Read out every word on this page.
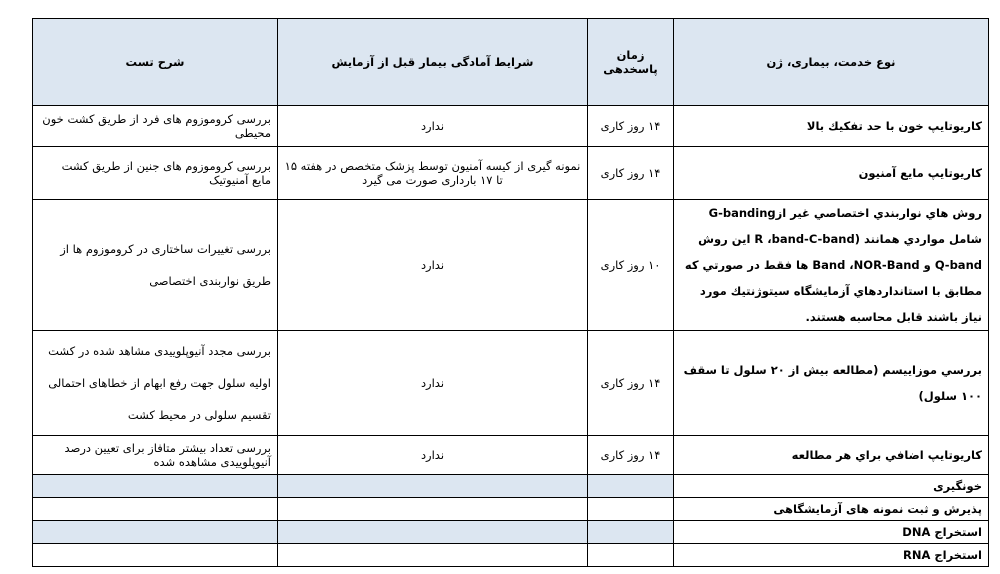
نوع خدمت، بیماری، ژن	زمان پاسخدهی	شرایط آمادگی بیمار قبل از آزمایش	شرح تست
كاريوتايپ خون با حد تفكيك بالا	۱۴ روز کاری	ندارد	بررسی کروموزوم های فرد از طریق کشت خون محیطی
كاريوتايپ مايع آمنيون	۱۴ روز کاری	نمونه گیری از کیسه آمنیون توسط پزشک متخصص در هفته ۱۵ تا ۱۷ بارداری صورت می گیرد	بررسی کروموزوم های جنین از طریق کشت مایع آمنیوتیک
روش هاي نواربندي اختصاصي غير ازG-banding شامل مواردي همانند (R ،band-C-band اين روش Q-band و Band ،NOR-Band ها فقط در صورتي كه مطابق با استانداردهاي آزمايشگاه سيتوژنتيك مورد نياز باشند قابل محاسبه هستند.	۱۰ روز کاری	ندارد	بررسی تغییرات ساختاری در کروموزوم ها از طریق نواربندی اختصاصی
بررسي موزاييسم (مطالعه بيش از ۲۰ سلول تا سقف ۱۰۰ سلول)	۱۴ روز کاری	ندارد	بررسی مجدد آنیوپلوییدی مشاهد شده در کشت اولیه سلول جهت رفع ابهام از خطاهای احتمالی تقسیم سلولی در محیط کشت
كاريوتايپ اضافي براي هر مطالعه	۱۴ روز کاری	ندارد	بررسی تعداد بیشتر متافاز برای تعیین درصد آنیوپلوییدی مشاهده شده
خونگیری			
پذیرش و ثبت نمونه های آزمایشگاهی			
استخراج DNA			
استخراج RNA			
